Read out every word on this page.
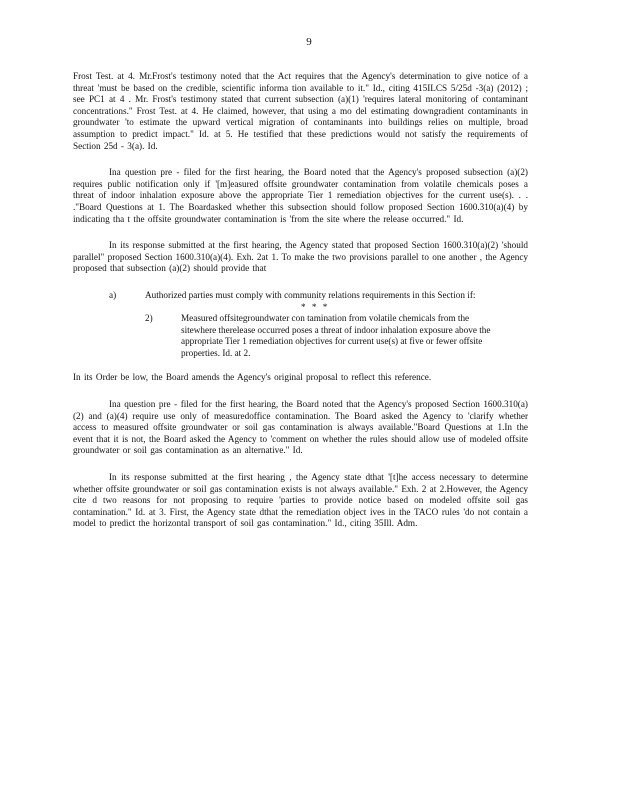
9

Frost Test. at 4. Mr.Frost's testimony noted that the Act requires that the Agency's determination to give notice of a threat 'must be based on the credible, scientific informa tion available to it." Id., citing 415ILCS 5/25d -3(a) (2012) ; see PC1 at 4 . Mr. Frost's testimony stated that current subsection (a)(1) 'requires lateral monitoring of contaminant concentrations." Frost Test. at 4. He claimed, however, that using a mo del estimating downgradient contaminants in groundwater 'to estimate the upward vertical migration of contaminants into buildings relies on multiple, broad assumption to predict impact." Id. at 5. He testified that these predictions would not satisfy the requirements of Section 25d - 3(a). Id.

Ina question pre - filed for the first hearing, the Board noted that the Agency's proposed subsection (a)(2) requires public notification only if '[m]easured offsite groundwater contamination from volatile chemicals poses a threat of indoor inhalation exposure above the appropriate Tier 1 remediation objectives for the current use(s). . . ."Board Questions at 1. The Boardasked whether this subsection should follow proposed Section 1600.310(a)(4) by indicating tha t the offsite groundwater contamination is 'from the site where the release occurred." Id.

In its response submitted at the first hearing, the Agency stated that proposed Section 1600.310(a)(2) 'should parallel" proposed Section 1600.310(a)(4). Exh. 2at 1. To make the two provisions parallel to one another , the Agency proposed that subsection (a)(2) should provide that

a)	Authorized parties must comply with community relations requirements in this Section if:
* * *
2)	Measured offsitegroundwater con tamination from volatile chemicals from the sitewhere therelease occurred poses a threat of indoor inhalation exposure above the appropriate Tier 1 remediation objectives for current use(s) at five or fewer offsite properties. Id. at 2.

In its Order be low, the Board amends the Agency's original proposal to reflect this reference.

Ina question pre - filed for the first hearing, the Board noted that the Agency's proposed Section 1600.310(a)(2) and (a)(4) require use only of measuredoffice contamination. The Board asked the Agency to 'clarify whether access to measured offsite groundwater or soil gas contamination is always available."Board Questions at 1.In the event that it is not, the Board asked the Agency to 'comment on whether the rules should allow use of modeled offsite groundwater or soil gas contamination as an alternative." Id.

In its response submitted at the first hearing , the Agency state dthat '[t]he access necessary to determine whether offsite groundwater or soil gas contamination exists is not always available." Exh. 2 at 2.However, the Agency cite d two reasons for not proposing to require 'parties to provide notice based on modeled offsite soil gas contamination." Id. at 3. First, the Agency state dthat the remediation object ives in the TACO rules 'do not contain a model to predict the horizontal transport of soil gas contamination." Id., citing 35Ill. Adm.
